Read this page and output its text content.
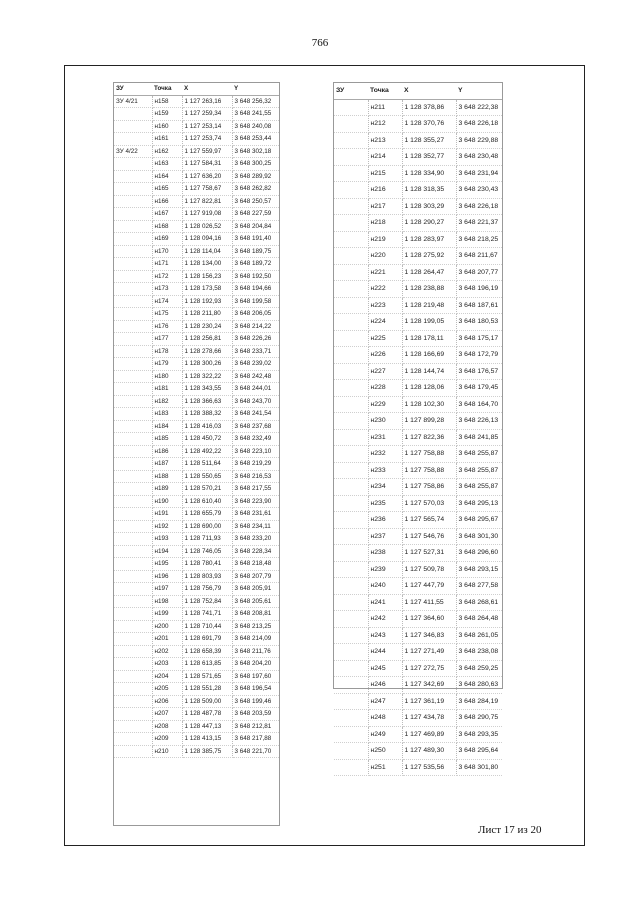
766
ЗУ	Точка	X	Y
ЗУ 4/21	н158	1 127 263,16	3 648 256,32
	н159	1 127 259,34	3 648 241,55
	н160	1 127 253,14	3 648 240,08
	н161	1 127 253,74	3 648 253,44
ЗУ 4/22	н162	1 127 559,97	3 648 302,18
	н163	1 127 584,31	3 648 300,25
	н164	1 127 636,20	3 648 289,92
	н165	1 127 758,67	3 648 262,82
	н166	1 127 822,81	3 648 250,57
	н167	1 127 919,08	3 648 227,59
	н168	1 128 026,52	3 648 204,84
	н169	1 128 094,16	3 648 191,40
	н170	1 128 114,04	3 648 189,75
	н171	1 128 134,00	3 648 189,72
	н172	1 128 156,23	3 648 192,50
	н173	1 128 173,58	3 648 194,66
	н174	1 128 192,93	3 648 199,58
	н175	1 128 211,80	3 648 206,05
	н176	1 128 230,24	3 648 214,22
	н177	1 128 256,81	3 648 226,26
	н178	1 128 278,66	3 648 233,71
	н179	1 128 300,26	3 648 239,02
	н180	1 128 322,22	3 648 242,48
	н181	1 128 343,55	3 648 244,01
	н182	1 128 366,63	3 648 243,70
	н183	1 128 388,32	3 648 241,54
	н184	1 128 416,03	3 648 237,68
	н185	1 128 450,72	3 648 232,49
	н186	1 128 492,22	3 648 223,10
	н187	1 128 511,64	3 648 219,29
	н188	1 128 550,65	3 648 216,53
	н189	1 128 570,21	3 648 217,55
	н190	1 128 610,40	3 648 223,90
	н191	1 128 655,79	3 648 231,61
	н192	1 128 690,00	3 648 234,11
	н193	1 128 711,93	3 648 233,20
	н194	1 128 746,05	3 648 228,34
	н195	1 128 780,41	3 648 218,48
	н196	1 128 803,93	3 648 207,79
	н197	1 128 756,79	3 648 205,91
	н198	1 128 752,84	3 648 205,61
	н199	1 128 741,71	3 648 208,81
	н200	1 128 710,44	3 648 213,25
	н201	1 128 691,79	3 648 214,09
	н202	1 128 658,39	3 648 211,76
	н203	1 128 613,85	3 648 204,20
	н204	1 128 571,65	3 648 197,60
	н205	1 128 551,28	3 648 196,54
	н206	1 128 509,00	3 648 199,46
	н207	1 128 487,78	3 648 203,59
	н208	1 128 447,13	3 648 212,81
	н209	1 128 413,15	3 648 217,88
	н210	1 128 385,75	3 648 221,70
ЗУ	Точка	X	Y
	н211	1 128 378,86	3 648 222,38
	н212	1 128 370,76	3 648 226,18
	н213	1 128 355,27	3 648 229,88
	н214	1 128 352,77	3 648 230,48
	н215	1 128 334,90	3 648 231,94
	н216	1 128 318,35	3 648 230,43
	н217	1 128 303,29	3 648 226,18
	н218	1 128 290,27	3 648 221,37
	н219	1 128 283,97	3 648 218,25
	н220	1 128 275,92	3 648 211,67
	н221	1 128 264,47	3 648 207,77
	н222	1 128 238,88	3 648 196,19
	н223	1 128 219,48	3 648 187,61
	н224	1 128 199,05	3 648 180,53
	н225	1 128 178,11	3 648 175,17
	н226	1 128 166,69	3 648 172,79
	н227	1 128 144,74	3 648 176,57
	н228	1 128 128,06	3 648 179,45
	н229	1 128 102,30	3 648 164,70
	н230	1 127 899,28	3 648 226,13
	н231	1 127 822,36	3 648 241,85
	н232	1 127 758,88	3 648 255,87
	н233	1 127 758,88	3 648 255,87
	н234	1 127 758,86	3 648 255,87
	н235	1 127 570,03	3 648 295,13
	н236	1 127 565,74	3 648 295,67
	н237	1 127 546,76	3 648 301,30
	н238	1 127 527,31	3 648 296,60
	н239	1 127 509,78	3 648 293,15
	н240	1 127 447,79	3 648 277,58
	н241	1 127 411,55	3 648 268,61
	н242	1 127 364,60	3 648 264,48
	н243	1 127 346,83	3 648 261,05
	н244	1 127 271,49	3 648 238,08
	н245	1 127 272,75	3 648 259,25
	н246	1 127 342,69	3 648 280,63
	н247	1 127 361,19	3 648 284,19
	н248	1 127 434,78	3 648 290,75
	н249	1 127 469,89	3 648 293,35
	н250	1 127 489,30	3 648 295,64
	н251	1 127 535,56	3 648 301,80
Лист 17 из 20
